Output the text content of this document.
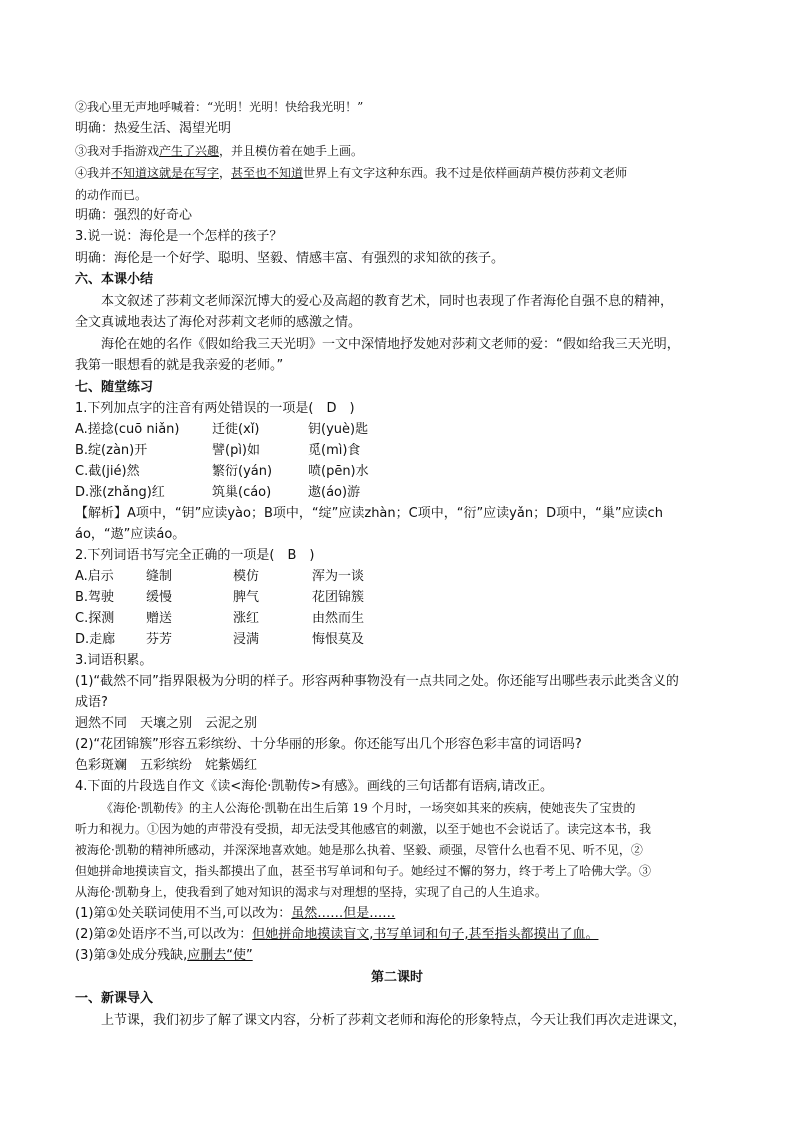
②我心里无声地呼喊着：“光明！光明！快给我光明！”
明确：热爱生活、渴望光明
③我对手指游戏产生了兴趣，并且模仿着在她手上画。
④我并不知道这就是在写字，甚至也不知道世界上有文字这种东西。我不过是依样画葫芦模仿莎莉文老师
的动作而已。
明确：强烈的好奇心
3.说一说：海伦是一个怎样的孩子？
明确：海伦是一个好学、聪明、坚毅、情感丰富、有强烈的求知欲的孩子。
六、本课小结
本文叙述了莎莉文老师深沉博大的爱心及高超的教育艺术，同时也表现了作者海伦自强不息的精神，
全文真诚地表达了海伦对莎莉文老师的感激之情。
海伦在她的名作《假如给我三天光明》一文中深情地抒发她对莎莉文老师的爱：“假如给我三天光明，
我第一眼想看的就是我亲爱的老师。”
七、随堂练习
1.下列加点字的注音有两处错误的一项是(　D　)
A.搓捻(cuō niǎn)	迁徙(xǐ)	钥(yuè)匙
B.绽(zàn)开	譬(pì)如	觅(mì)食
C.截(jié)然	繁衍(yán)	喷(pēn)水
D.涨(zhǎng)红	筑巢(cáo)	遨(áo)游
【解析】A项中，“钥”应读yào；B项中，“绽”应读zhàn；C项中，“衍”应读yǎn；D项中，“巢”应读ch
áo，“遨”应读áo。
2.下列词语书写完全正确的一项是(　B　)
A.启示 缝制	模仿	浑为一谈
B.驾驶 缓慢	脾气	花团锦簇
C.探测 赠送	涨红	由然而生
D.走廊 芬芳	浸满	悔恨莫及
3.词语积累。
(1)“截然不同”指界限极为分明的样子。形容两种事物没有一点共同之处。你还能写出哪些表示此类含义的
成语?
迥然不同　天壤之别　云泥之别
(2)“花团锦簇”形容五彩缤纷、十分华丽的形象。你还能写出几个形容色彩丰富的词语吗?
色彩斑斓　五彩缤纷　姹紫嫣红
4.下面的片段选自作文《读<海伦·凯勒传>有感》。画线的三句话都有语病,请改正。
《海伦·凯勒传》的主人公海伦·凯勒在出生后第 19 个月时，一场突如其来的疾病，使她丧失了宝贵的
听力和视力。①因为她的声带没有受损，却无法受其他感官的刺激，以至于她也不会说话了。读完这本书，我
被海伦·凯勒的精神所感动，并深深地喜欢她。她是那么执着、坚毅、顽强，尽管什么也看不见、听不见，②
但她拼命地摸读盲文，指头都摸出了血，甚至书写单词和句子。她经过不懈的努力，终于考上了哈佛大学。③
从海伦·凯勒身上，使我看到了她对知识的渴求与对理想的坚持，实现了自己的人生追求。
(1)第①处关联词使用不当,可以改为：虽然……但是……
(2)第②处语序不当,可以改为：但她拼命地摸读盲文,书写单词和句子,甚至指头都摸出了血。
(3)第③处成分残缺,应删去“使”
第二课时
一、新课导入
上节课，我们初步了解了课文内容，分析了莎莉文老师和海伦的形象特点，今天让我们再次走进课文，
